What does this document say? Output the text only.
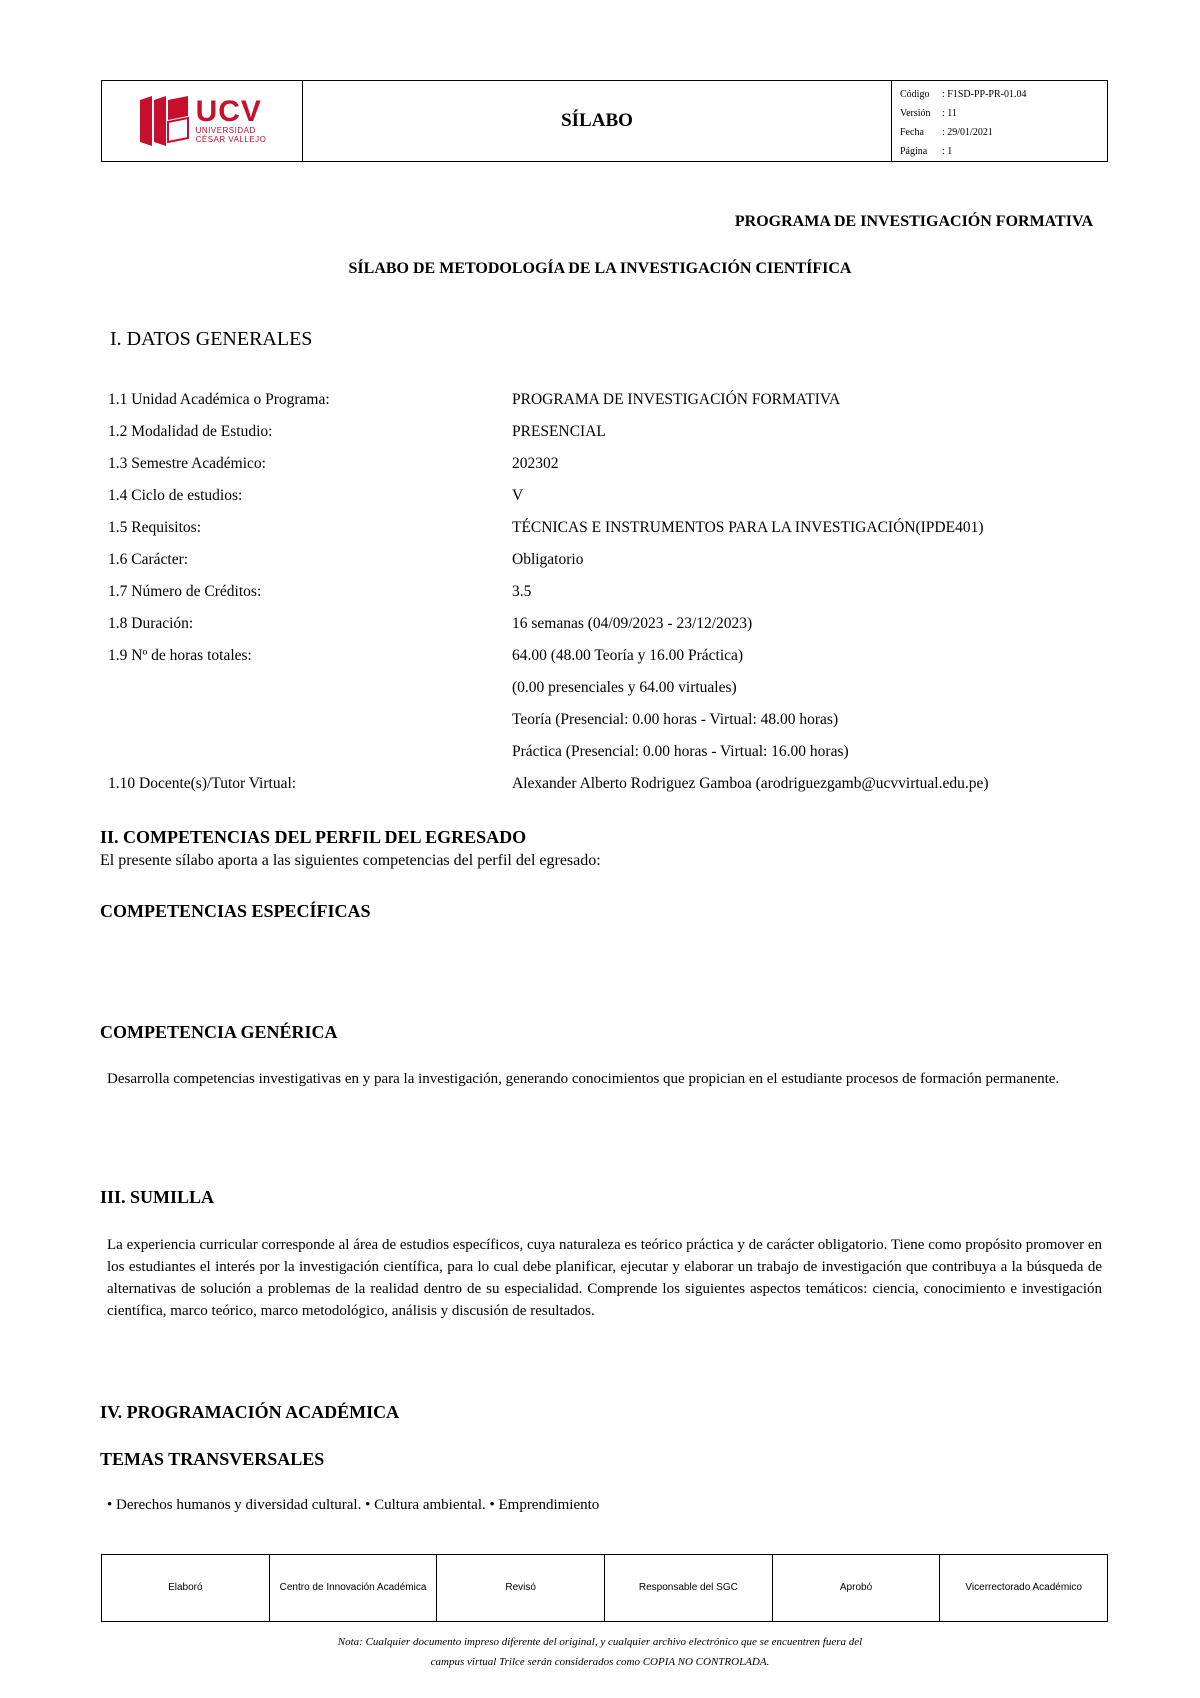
UCV
UNIVERSIDAD
CÉSAR VALLEJO
SÍLABO
Código	: F1SD-PP-PR-01.04
Versión	: 11
Fecha	: 29/01/2021
Página	: 1
PROGRAMA DE INVESTIGACIÓN FORMATIVA
SÍLABO DE METODOLOGÍA DE LA INVESTIGACIÓN CIENTÍFICA
I. DATOS GENERALES
1.1 Unidad Académica o Programa:	PROGRAMA DE INVESTIGACIÓN FORMATIVA
1.2 Modalidad de Estudio:	PRESENCIAL
1.3 Semestre Académico:	202302
1.4 Ciclo de estudios:	V
1.5 Requisitos:	TÉCNICAS E INSTRUMENTOS PARA LA INVESTIGACIÓN(IPDE401)
1.6 Carácter:	Obligatorio
1.7 Número de Créditos:	3.5
1.8 Duración:	16 semanas (04/09/2023 - 23/12/2023)
1.9 Nº de horas totales:	64.00 (48.00 Teoría y 16.00 Práctica)
(0.00 presenciales y 64.00 virtuales)
Teoría (Presencial: 0.00 horas - Virtual: 48.00 horas)
Práctica (Presencial: 0.00 horas - Virtual: 16.00 horas)
1.10 Docente(s)/Tutor Virtual:	Alexander Alberto Rodriguez Gamboa (arodriguezgamb@ucvvirtual.edu.pe)
II. COMPETENCIAS DEL PERFIL DEL EGRESADO
El presente sílabo aporta a las siguientes competencias del perfil del egresado:
COMPETENCIAS ESPECÍFICAS
COMPETENCIA GENÉRICA
Desarrolla competencias investigativas en y para la investigación, generando conocimientos que propician en el estudiante procesos de formación permanente.
III. SUMILLA
La experiencia curricular corresponde al área de estudios específicos, cuya naturaleza es teórico práctica y de carácter obligatorio. Tiene como propósito promover en los estudiantes el interés por la investigación científica, para lo cual debe planificar, ejecutar y elaborar un trabajo de investigación que contribuya a la búsqueda de alternativas de solución a problemas de la realidad dentro de su especialidad. Comprende los siguientes aspectos temáticos: ciencia, conocimiento e investigación científica, marco teórico, marco metodológico, análisis y discusión de resultados.
IV. PROGRAMACIÓN ACADÉMICA
TEMAS TRANSVERSALES
• Derechos humanos y diversidad cultural. • Cultura ambiental. • Emprendimiento
Elaboró	Centro de Innovación Académica	Revisó	Responsable del SGC	Aprobó	Vicerrectorado Académico
Nota: Cualquier documento impreso diferente del original, y cualquier archivo electrónico que se encuentren fuera del
campus virtual Trilce serán considerados como COPIA NO CONTROLADA.
